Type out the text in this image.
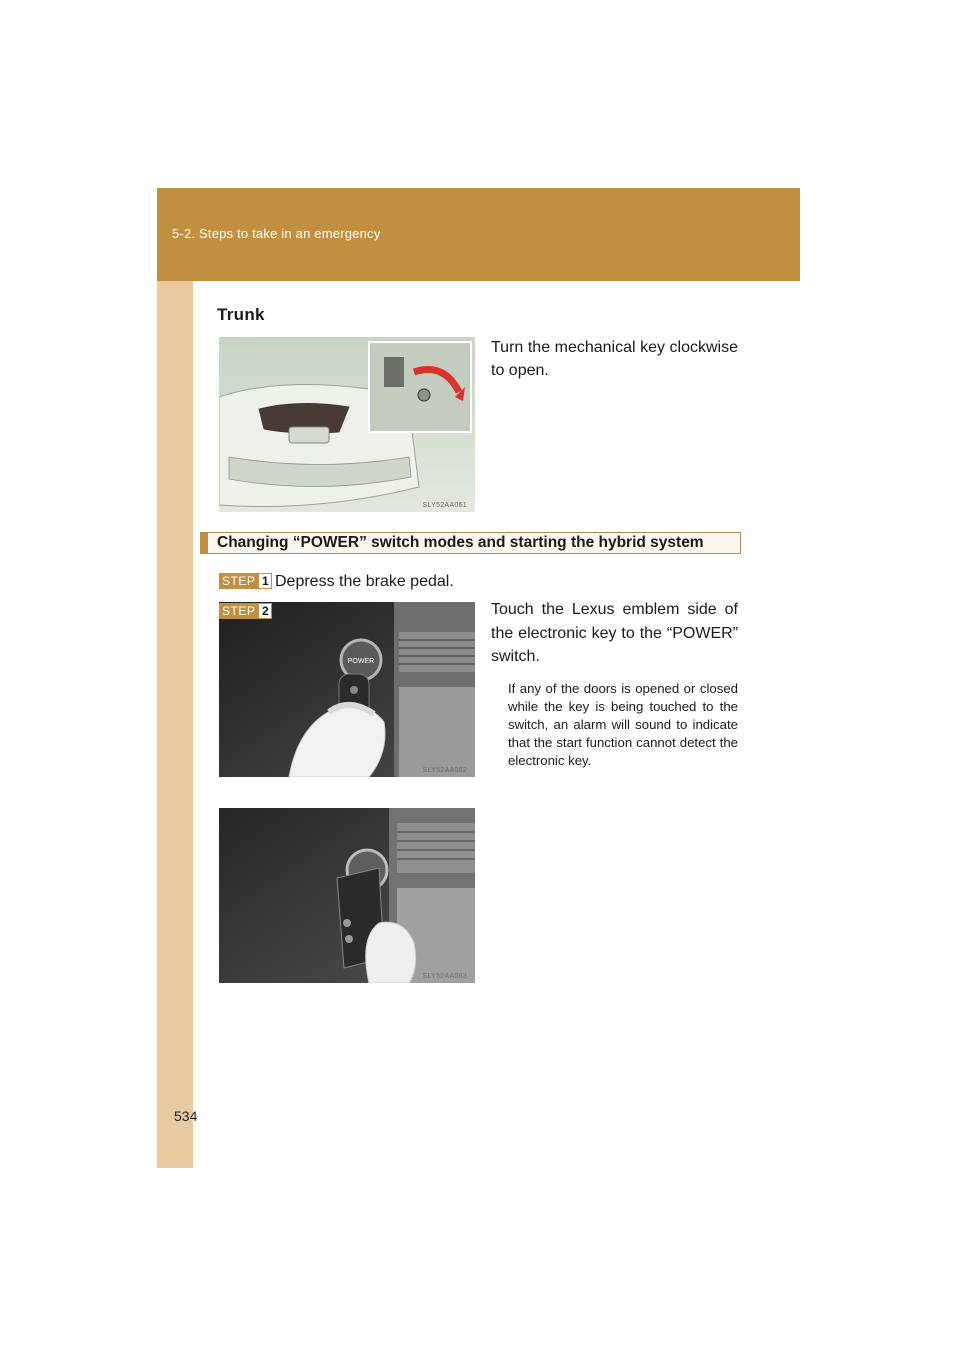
5-2. Steps to take in an emergency
Trunk
SLY52AA061
Turn the mechanical key clockwise to open.
Changing “POWER” switch modes and starting the hybrid system
STEP 1 Depress the brake pedal.
POWER
SLY52AA062
STEP 2	Touch the Lexus emblem side of the electronic key to the “POWER” switch.
If any of the doors is opened or closed while the key is being touched to the switch, an alarm will sound to indicate that the start function cannot detect the electronic key.
SLY52AA063
534
